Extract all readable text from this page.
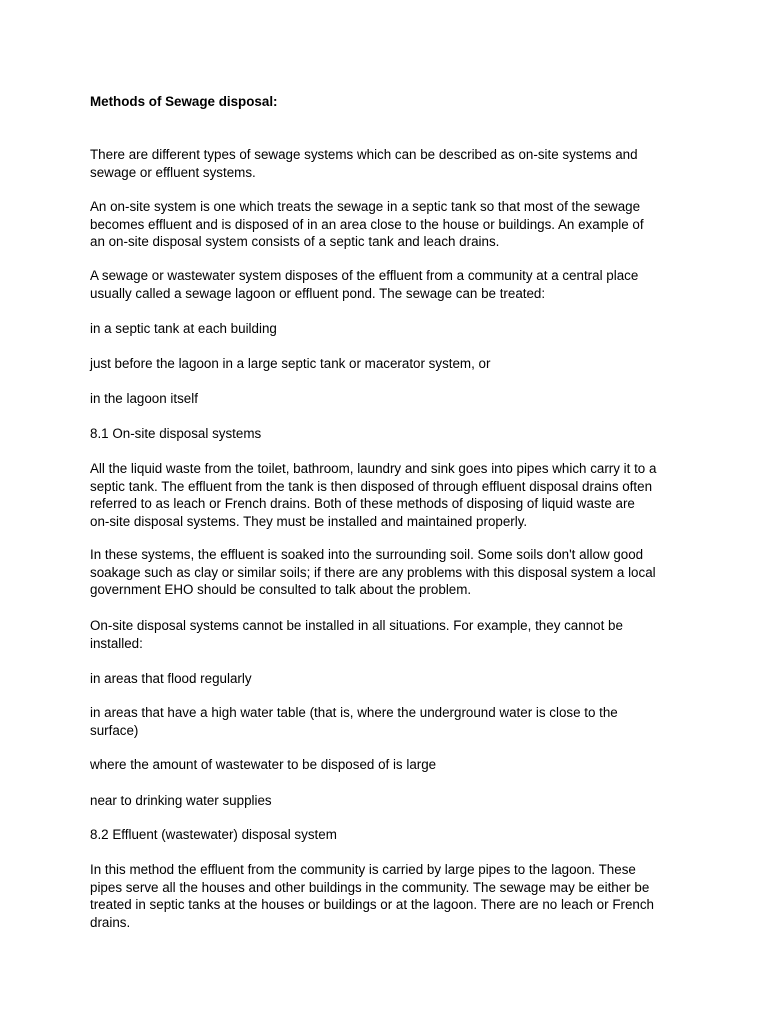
Methods of Sewage disposal:

There are different types of sewage systems which can be described as on-site systems and
sewage or effluent systems.

An on-site system is one which treats the sewage in a septic tank so that most of the sewage
becomes effluent and is disposed of in an area close to the house or buildings. An example of
an on-site disposal system consists of a septic tank and leach drains.

A sewage or wastewater system disposes of the effluent from a community at a central place
usually called a sewage lagoon or effluent pond. The sewage can be treated:

in a septic tank at each building

just before the lagoon in a large septic tank or macerator system, or

in the lagoon itself

8.1 On-site disposal systems

All the liquid waste from the toilet, bathroom, laundry and sink goes into pipes which carry it to a
septic tank. The effluent from the tank is then disposed of through effluent disposal drains often
referred to as leach or French drains. Both of these methods of disposing of liquid waste are
on-site disposal systems. They must be installed and maintained properly.

In these systems, the effluent is soaked into the surrounding soil. Some soils don't allow good
soakage such as clay or similar soils; if there are any problems with this disposal system a local
government EHO should be consulted to talk about the problem.

On-site disposal systems cannot be installed in all situations. For example, they cannot be
installed:

in areas that flood regularly

in areas that have a high water table (that is, where the underground water is close to the
surface)

where the amount of wastewater to be disposed of is large

near to drinking water supplies

8.2 Effluent (wastewater) disposal system

In this method the effluent from the community is carried by large pipes to the lagoon. These
pipes serve all the houses and other buildings in the community. The sewage may be either be
treated in septic tanks at the houses or buildings or at the lagoon. There are no leach or French
drains.
